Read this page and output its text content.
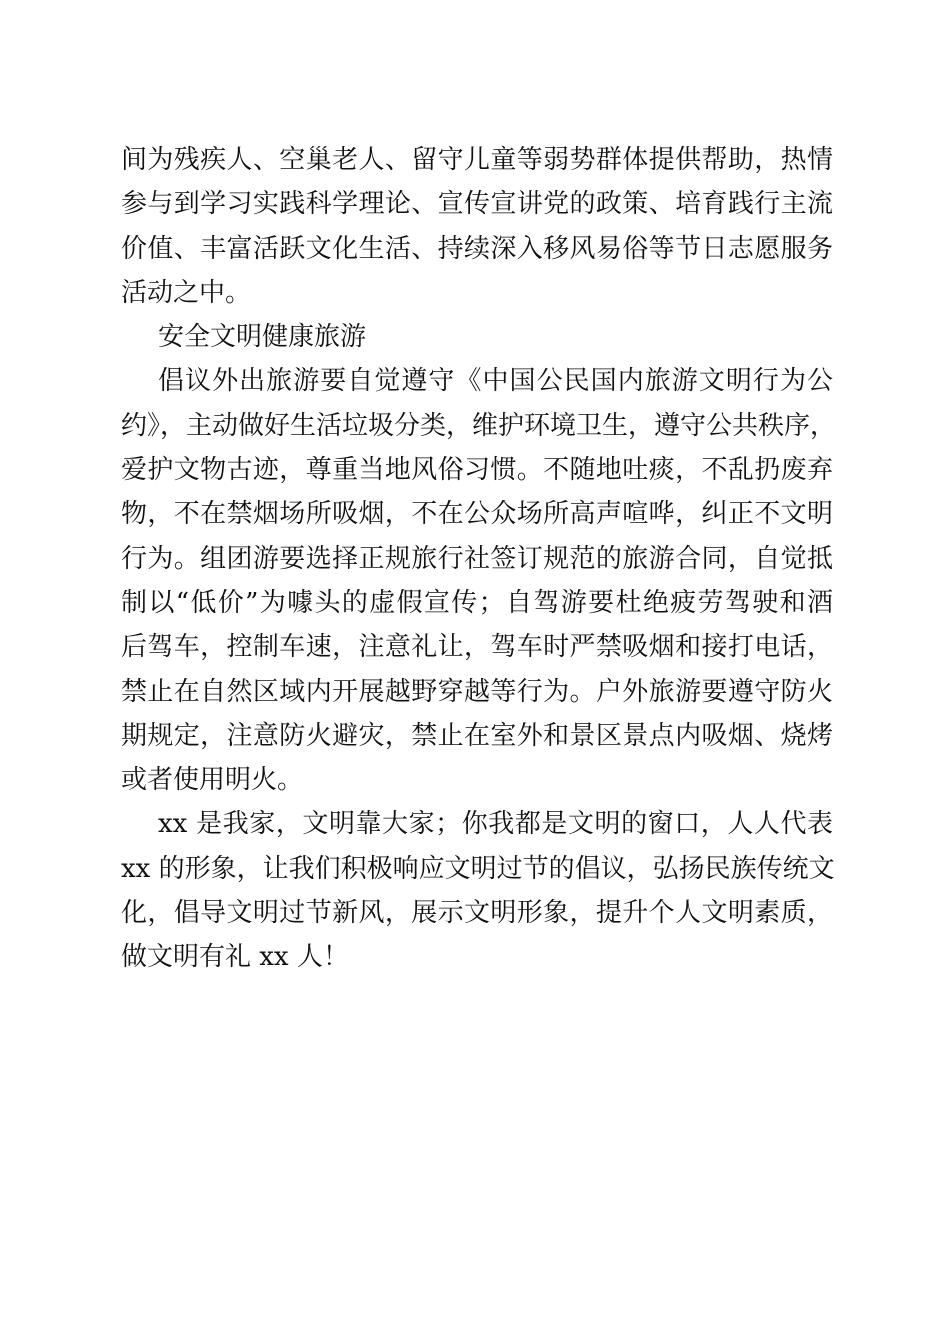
间为残疾人、空巢老人、留守儿童等弱势群体提供帮助，热情
参与到学习实践科学理论、宣传宣讲党的政策、培育践行主流
价值、丰富活跃文化生活、持续深入移风易俗等节日志愿服务
活动之中。
安全文明健康旅游
倡议外出旅游要自觉遵守《中国公民国内旅游文明行为公
约》，主动做好生活垃圾分类，维护环境卫生，遵守公共秩序，
爱护文物古迹，尊重当地风俗习惯。不随地吐痰，不乱扔废弃
物，不在禁烟场所吸烟，不在公众场所高声喧哗，纠正不文明
行为。组团游要选择正规旅行社签订规范的旅游合同，自觉抵
制以“低价”为噱头的虚假宣传；自驾游要杜绝疲劳驾驶和酒
后驾车，控制车速，注意礼让，驾车时严禁吸烟和接打电话，
禁止在自然区域内开展越野穿越等行为。户外旅游要遵守防火
期规定，注意防火避灾，禁止在室外和景区景点内吸烟、烧烤
或者使用明火。
xx 是我家，文明靠大家；你我都是文明的窗口，人人代表
xx 的形象，让我们积极响应文明过节的倡议，弘扬民族传统文
化，倡导文明过节新风，展示文明形象，提升个人文明素质，
做文明有礼 xx 人！
